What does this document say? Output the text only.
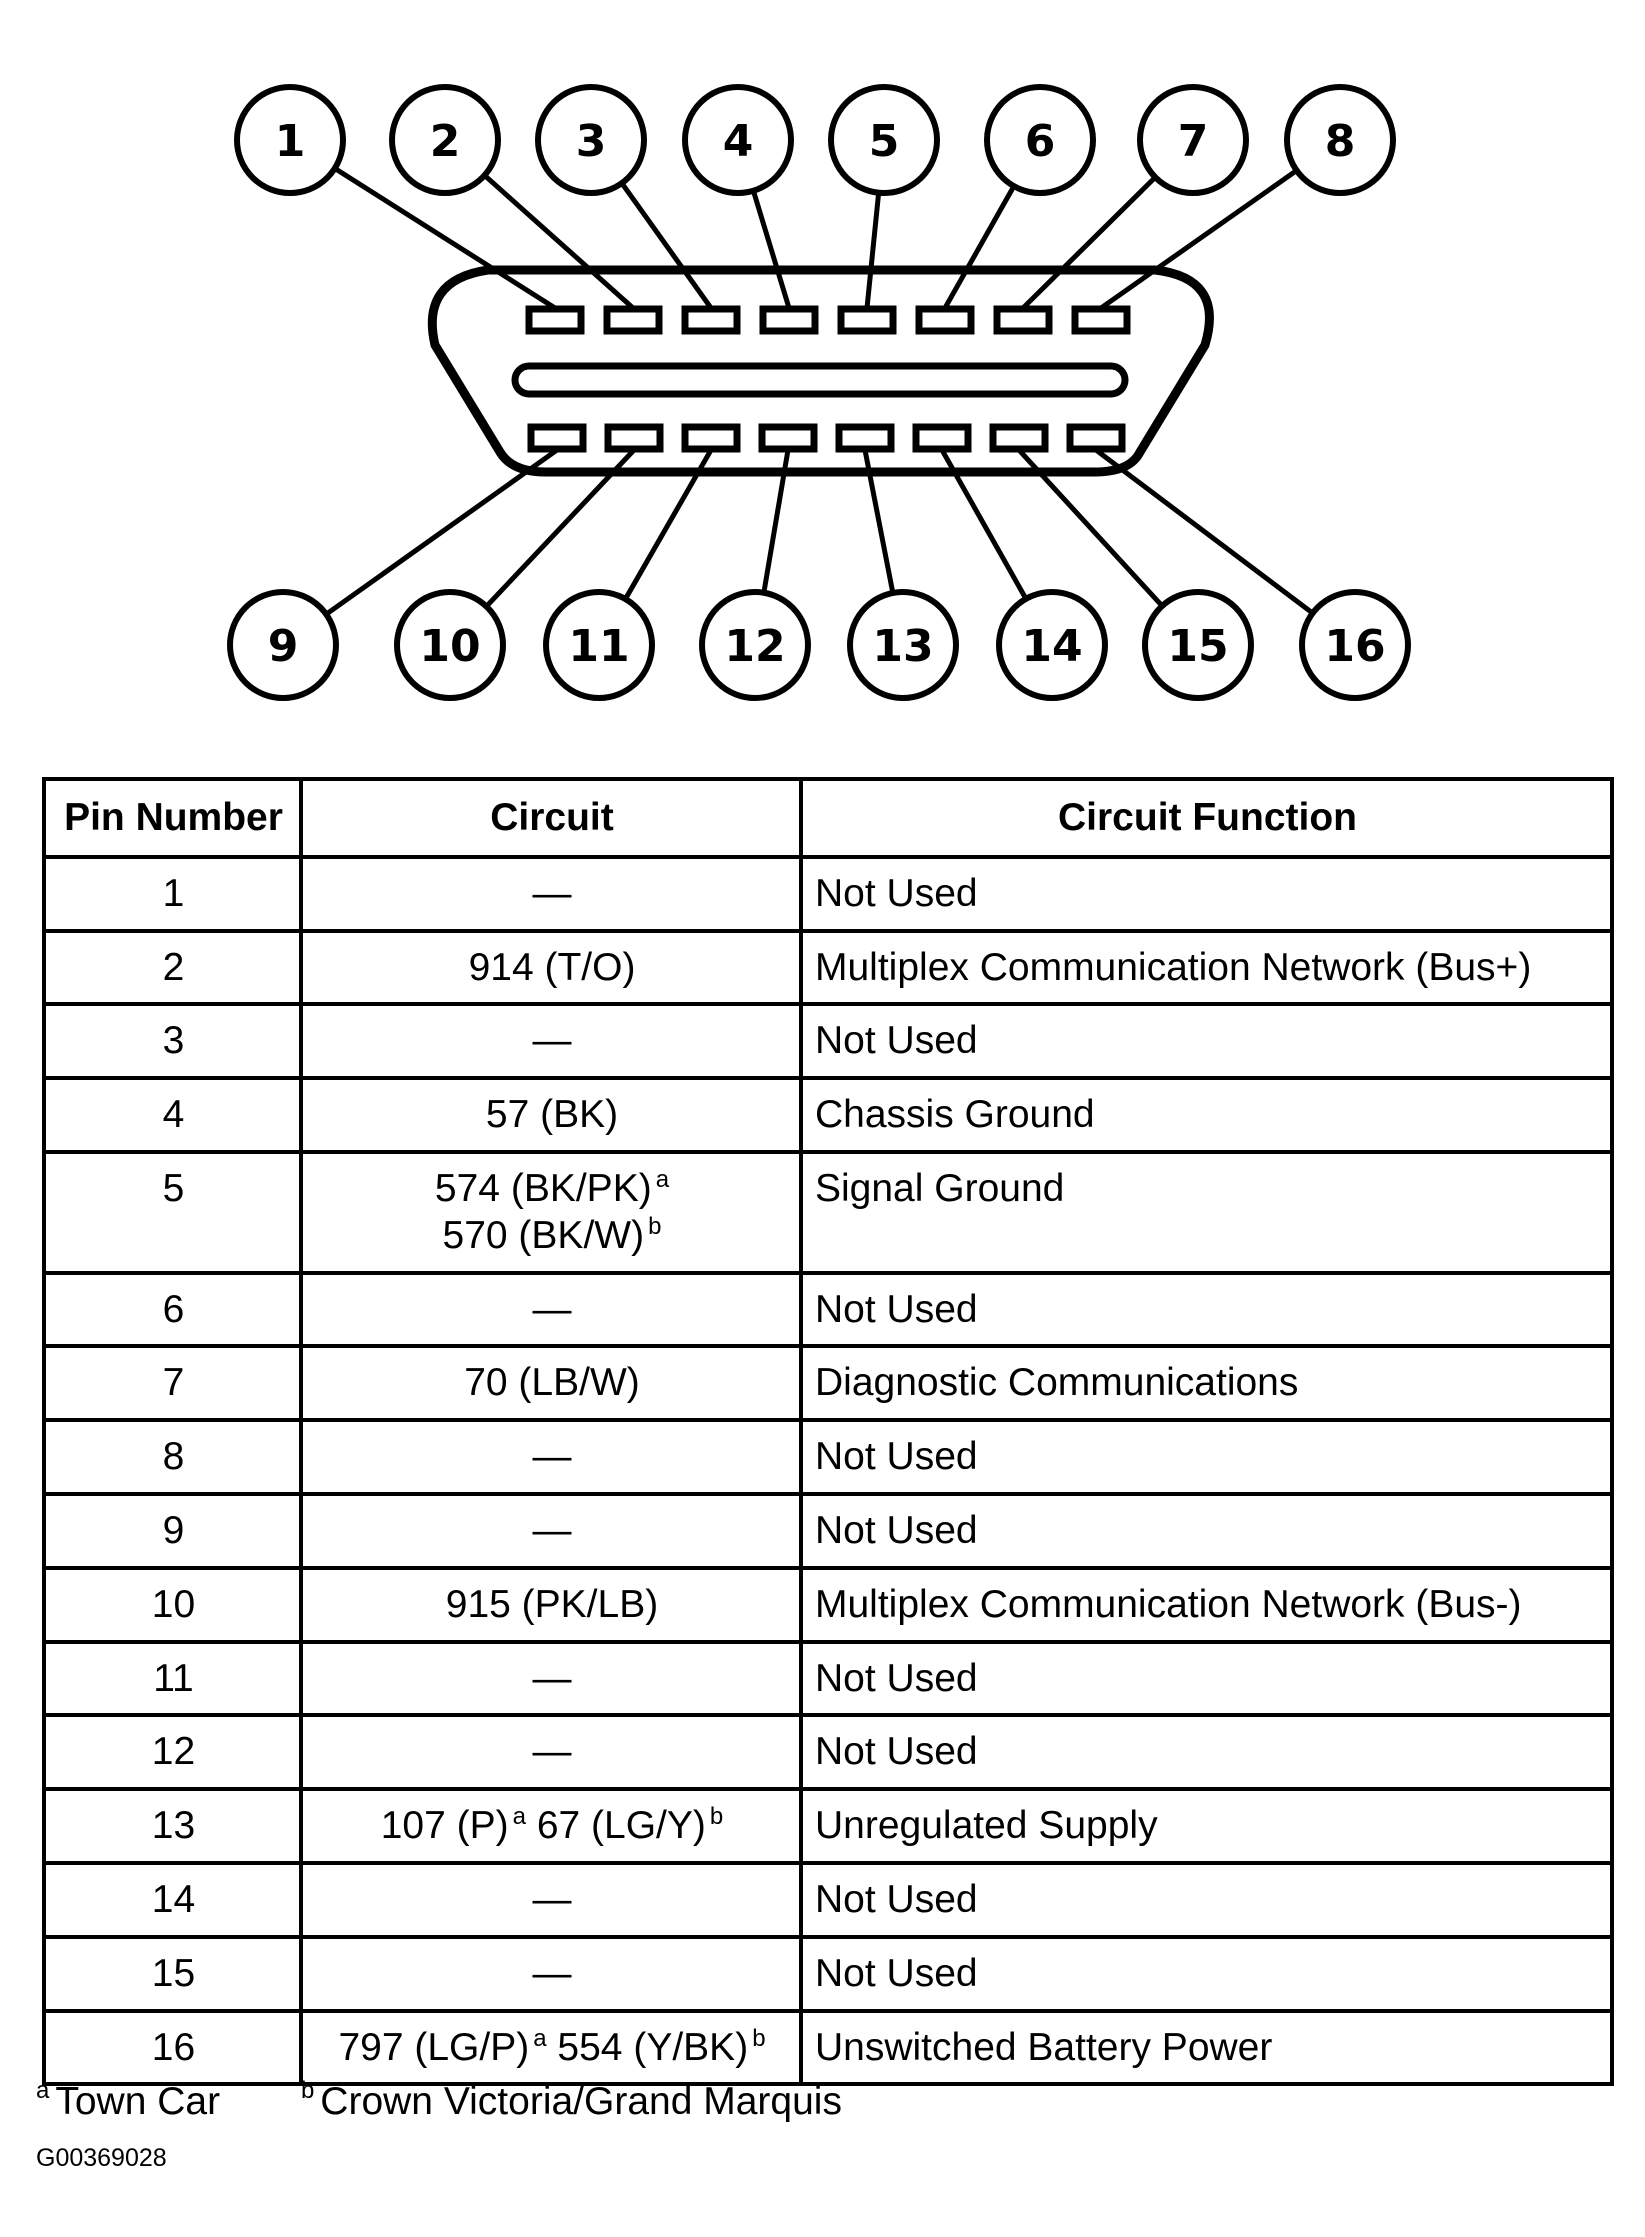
1	2	3	4	5	6	7	8
9	10 11 12 13 14 15 16
Pin Number	Circuit	Circuit Function
1	—	Not Used
2	914 (T/O)	Multiplex Communication Network (Bus+)
3	—	Not Used
4	57 (BK)	Chassis Ground
5	574 (BK/PK) $^a$
570 (BK/W) $^b$	Signal Ground
6	—	Not Used
7	70 (LB/W)	Diagnostic Communications
8	—	Not Used
9	—	Not Used
10	915 (PK/LB)	Multiplex Communication Network (Bus-)
11	—	Not Used
12	—	Not Used
13	107 (P) $^a$ 67 (LG/Y) $^b$	Unregulated Supply
14	—	Not Used
15	—	Not Used
16	797 (LG/P) $^a$ 554 (Y/BK) $^b$	Unswitched Battery Power
$^a$ Town Car	$^b$ Crown Victoria/Grand Marquis
G00369028
